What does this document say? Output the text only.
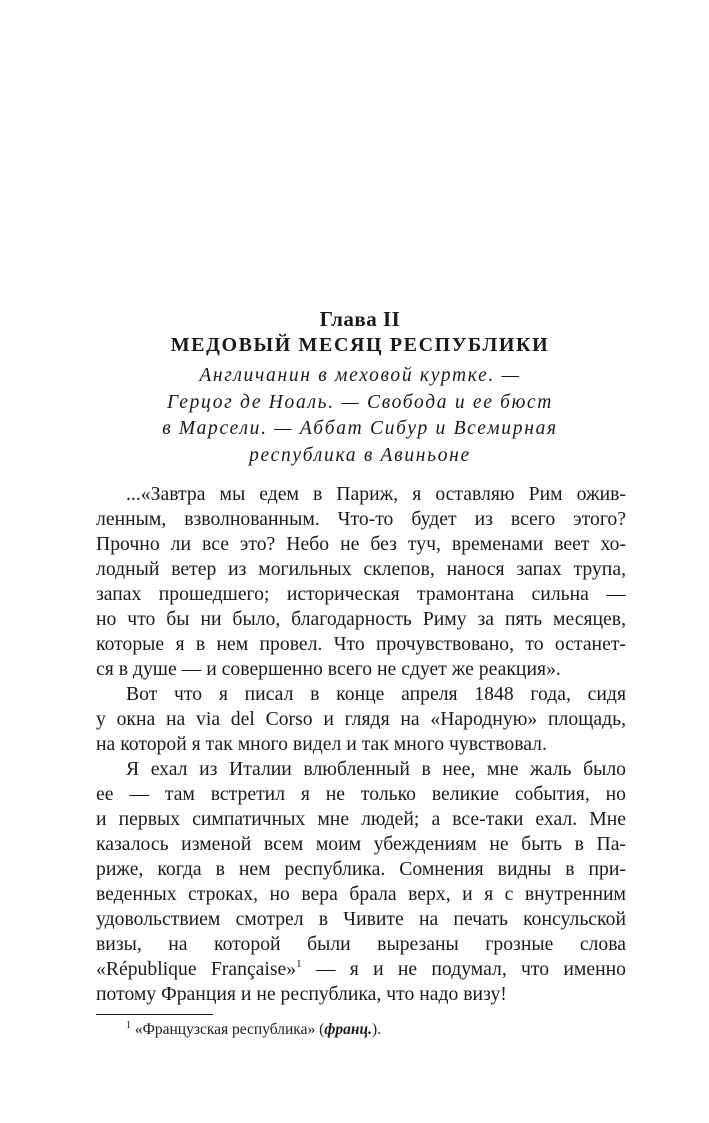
Глава II
МЕДОВЫЙ МЕСЯЦ РЕСПУБЛИКИ
Англичанин в меховой куртке. —
Герцог де Ноаль. — Свобода и ее бюст
в Марсели. — Аббат Сибур и Всемирная
республика в Авиньоне
...«Завтра мы едем в Париж, я оставляю Рим ожив-
ленным, взволнованным. Что-то будет из всего этого?
Прочно ли все это? Небо не без туч, временами веет хо-
лодный ветер из могильных склепов, нанося запах трупа,
запах прошедшего; историческая трамонтана сильна —
но что бы ни было, благодарность Риму за пять месяцев,
которые я в нем провел. Что прочувствовано, то останет-
ся в душе — и совершенно всего не сдует же реакция».
Вот что я писал в конце апреля 1848 года, сидя
у окна на via del Corso и глядя на «Народную» площадь,
на которой я так много видел и так много чувствовал.
Я ехал из Италии влюбленный в нее, мне жаль было
ее — там встретил я не только великие события, но
и первых симпатичных мне людей; а все-таки ехал. Мне
казалось изменой всем моим убеждениям не быть в Па-
риже, когда в нем республика. Сомнения видны в при-
веденных строках, но вера брала верх, и я с внутренним
удовольствием смотрел в Чивите на печать консульской
визы, на которой были вырезаны грозные слова
«République Française»$^1$ — я и не подумал, что именно
потому Франция и не республика, что надо визу!
$^1$ «Французская республика» (франц.).
